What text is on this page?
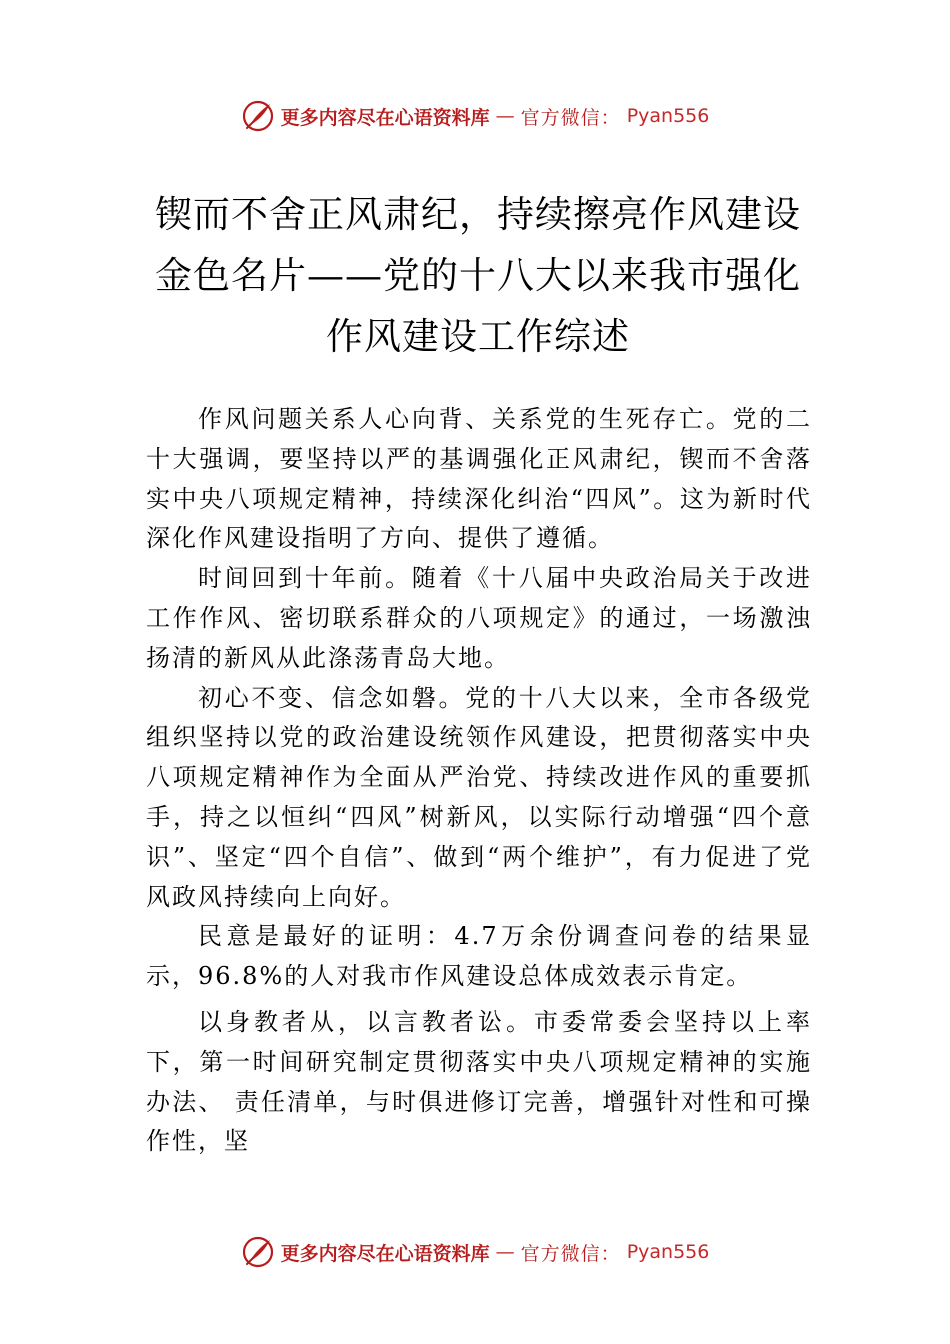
更多内容尽在心语资料库 — 官方微信： Pyan556
锲而不舍正风肃纪，持续擦亮作风建设金色名片——党的十八大以来我市强化作风建设工作综述

作风问题关系人心向背、关系党的生死存亡。党的二十大强调，要坚持以严的基调强化正风肃纪，锲而不舍落实中央八项规定精神，持续深化纠治“四风”。这为新时代深化作风建设指明了方向、提供了遵循。

时间回到十年前。随着《十八届中央政治局关于改进工作作风、密切联系群众的八项规定》的通过，一场激浊扬清的新风从此涤荡青岛大地。

初心不变、信念如磐。党的十八大以来，全市各级党组织坚持以党的政治建设统领作风建设，把贯彻落实中央八项规定精神作为全面从严治党、持续改进作风的重要抓手，持之以恒纠“四风”树新风，以实际行动增强“四个意识”、坚定“四个自信”、做到“两个维护”，有力促进了党风政风持续向上向好。

民意是最好的证明：4.7万余份调查问卷的结果显示，96.8%的人对我市作风建设总体成效表示肯定。

以身教者从，以言教者讼。市委常委会坚持以上率下，第一时间研究制定贯彻落实中央八项规定精神的实施办法、 责任清单，与时俱进修订完善，增强针对性和可操作性，坚

更多内容尽在心语资料库 — 官方微信： Pyan556
